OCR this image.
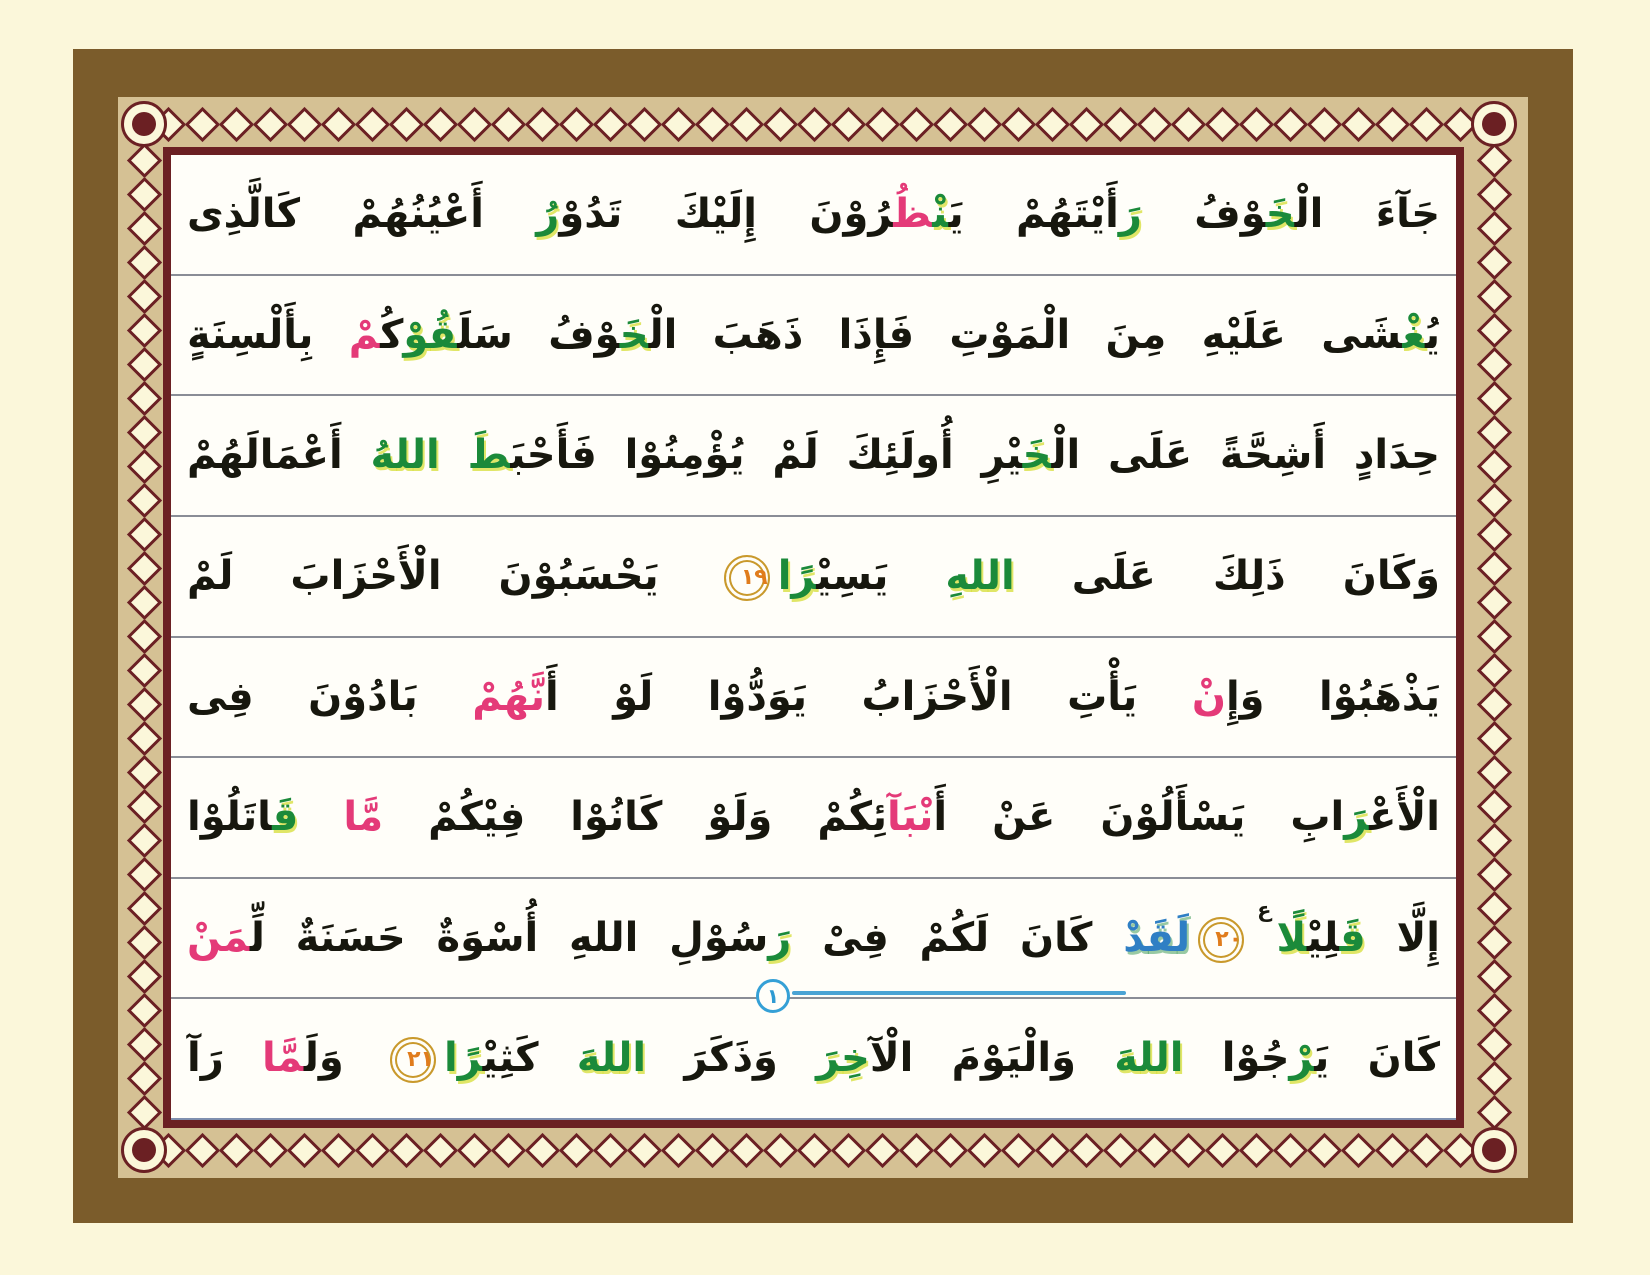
١
جَآءَ الْخَوْفُ رَأَيْتَهُمْ يَنْظُرُوْنَ إِلَيْكَ تَدُوْرُ أَعْيُنُهُمْ كَالَّذِى
يُغْشَى عَلَيْهِ مِنَ الْمَوْتِ فَإِذَا ذَهَبَ الْخَوْفُ سَلَقُوْكُمْ بِأَلْسِنَةٍ
حِدَادٍ أَشِحَّةً عَلَى الْخَيْرِ أُولَئِكَ لَمْ يُؤْمِنُوْا فَأَحْبَطَ اللهُ أَعْمَالَهُمْ
وَكَانَ ذَلِكَ عَلَى اللهِ يَسِيْرًا١٩ يَحْسَبُوْنَ الْأَحْزَابَ لَمْ
يَذْهَبُوْا وَإِنْ يَأْتِ الْأَحْزَابُ يَوَدُّوْا لَوْ أَنَّهُمْ بَادُوْنَ فِى
الْأَعْرَابِ يَسْأَلُوْنَ عَنْ أَنْبَآئِكُمْ وَلَوْ كَانُوْا فِيْكُمْ مَّا قَاتَلُوْا
إِلَّا قَلِيْلًاع٢٠لَقَدْ كَانَ لَكُمْ فِىْ رَسُوْلِ اللهِ أُسْوَةٌ حَسَنَةٌ لِّمَنْ
كَانَ يَرْجُوْا اللهَ وَالْيَوْمَ الْآخِرَ وَذَكَرَ اللهَ كَثِيْرًا٢١ وَلَمَّا رَآ
